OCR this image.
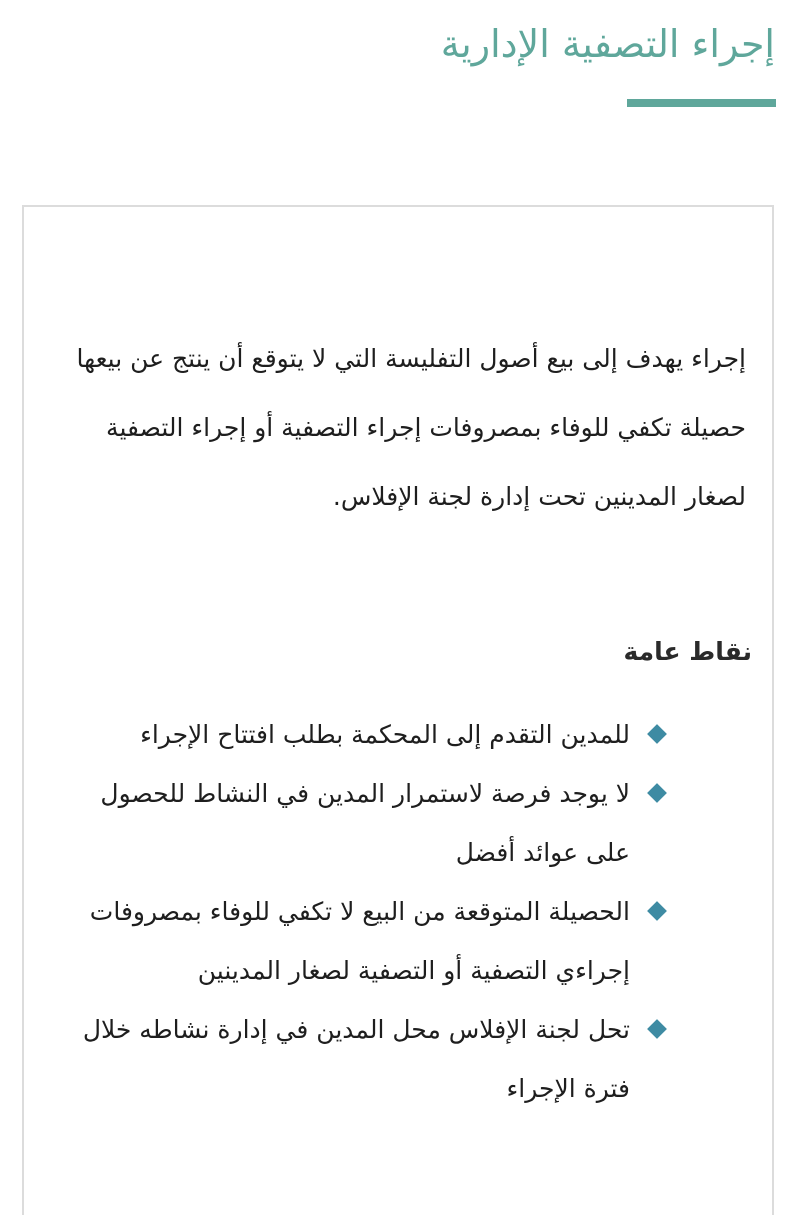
إجراء التصفية الإدارية

إجراء يهدف إلى بيع أصول التفليسة التي لا يتوقع أن ينتج عن بيعها حصيلة تكفي للوفاء بمصروفات إجراء التصفية أو إجراء التصفية لصغار المدينين تحت إدارة لجنة الإفلاس.

نقاط عامة
للمدين التقدم إلى المحكمة بطلب افتتاح الإجراء
لا يوجد فرصة لاستمرار المدين في النشاط للحصول على عوائد أفضل
الحصيلة المتوقعة من البيع لا تكفي للوفاء بمصروفات إجراءي التصفية أو التصفية لصغار المدينين
تحل لجنة الإفلاس محل المدين في إدارة نشاطه خلال فترة الإجراء
